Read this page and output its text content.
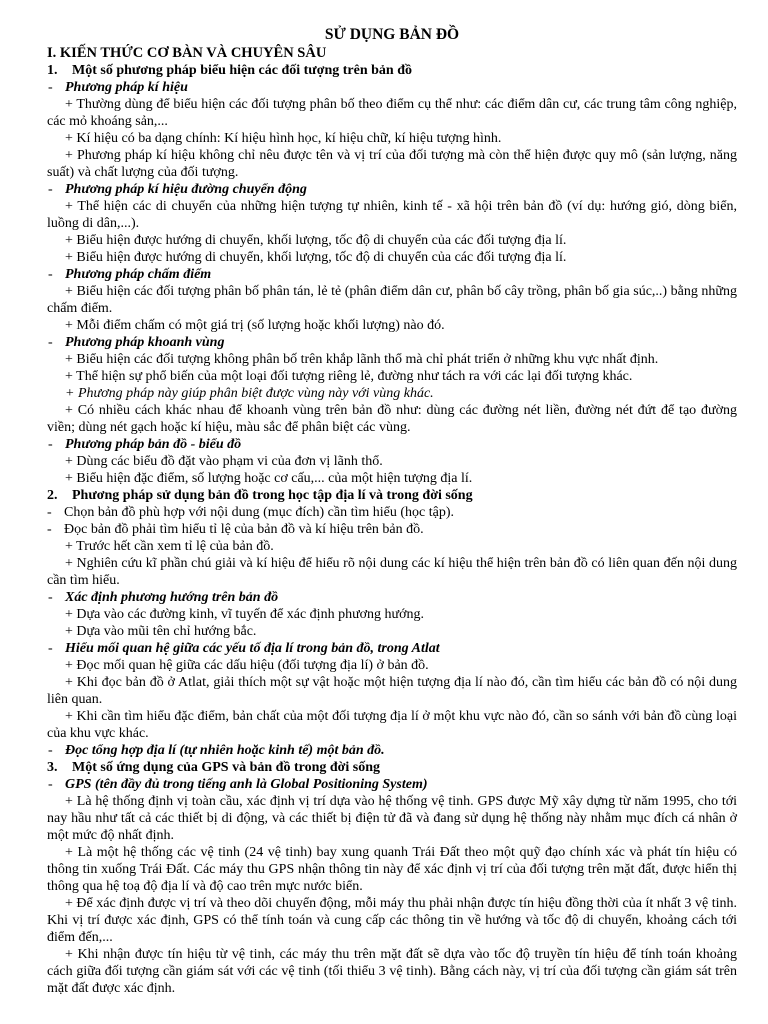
SỬ DỤNG BẢN ĐỒ
I. KIẾN THỨC CƠ BÀN VÀ CHUYÊN SÂU
1. Một số phương pháp biểu hiện các đối tượng trên bản đồ
- Phương pháp kí hiệu
+ Thường dùng để biểu hiện các đối tượng phân bố theo điểm cụ thể như: các điểm dân cư, các trung tâm công nghiệp, các mỏ khoáng sản,...
+ Kí hiệu có ba dạng chính: Kí hiệu hình học, kí hiệu chữ, kí hiệu tượng hình.
+ Phương pháp kí hiệu không chỉ nêu được tên và vị trí của đối tượng mà còn thể hiện được quy mô (sản lượng, năng suất) và chất lượng của đối tượng.
- Phương pháp kí hiệu đường chuyển động
+ Thể hiện các di chuyển của những hiện tượng tự nhiên, kinh tế - xã hội trên bản đồ (ví dụ: hướng gió, dòng biển, luồng di dân,...).
+ Biểu hiện được hướng di chuyển, khối lượng, tốc độ di chuyển của các đối tượng địa lí.
+ Biểu hiện được hướng di chuyển, khối lượng, tốc độ di chuyển của các đối tượng địa lí.
- Phương pháp chấm điểm
+ Biểu hiện các đối tượng phân bố phân tán, lẻ tẻ (phân điểm dân cư, phân bố cây trồng, phân bố gia súc,..) bằng những chấm điểm.
+ Mỗi điểm chấm có một giá trị (số lượng hoặc khối lượng) nào đó.
- Phương pháp khoanh vùng
+ Biểu hiện các đối tượng không phân bố trên khắp lãnh thổ mà chỉ phát triển ở những khu vực nhất định.
+ Thể hiện sự phổ biến của một loại đối tượng riêng lẻ, đường như tách ra với các lại đối tượng khác.
+ Phương pháp này giúp phân biệt được vùng này với vùng khác.
+ Có nhiều cách khác nhau để khoanh vùng trên bản đồ như: dùng các đường nét liền, đường nét đứt để tạo đường viền; dùng nét gạch hoặc kí hiệu, màu sắc để phân biệt các vùng.
- Phương pháp bản đồ - biểu đồ
+ Dùng các biểu đồ đặt vào phạm vi của đơn vị lãnh thổ.
+ Biểu hiện đặc điểm, số lượng hoặc cơ cấu,... của một hiện tượng địa lí.
2. Phương pháp sử dụng bản đồ trong học tập địa lí và trong đời sống
- Chọn bản đồ phù hợp với nội dung (mục đích) cần tìm hiểu (học tập).
- Đọc bản đồ phải tìm hiểu tỉ lệ của bản đồ và kí hiệu trên bản đồ.
+ Trước hết cần xem tỉ lệ của bản đồ.
+ Nghiên cứu kĩ phần chú giải và kí hiệu để hiểu rõ nội dung các kí hiệu thể hiện trên bản đồ có liên quan đến nội dung cần tìm hiểu.
- Xác định phương hướng trên bản đồ
+ Dựa vào các đường kinh, vĩ tuyến để xác định phương hướng.
+ Dựa vào mũi tên chỉ hướng bắc.
- Hiểu mối quan hệ giữa các yếu tố địa lí trong bản đồ, trong Atlat
+ Đọc mối quan hệ giữa các dấu hiệu (đối tượng địa lí) ở bản đồ.
+ Khi đọc bản đồ ở Atlat, giải thích một sự vật hoặc một hiện tượng địa lí nào đó, cần tìm hiểu các bản đồ có nội dung liên quan.
+ Khi cần tìm hiểu đặc điểm, bản chất của một đối tượng địa lí ở một khu vực nào đó, cần so sánh với bản đồ cùng loại của khu vực khác.
- Đọc tổng hợp địa lí (tự nhiên hoặc kinh tế) một bản đồ.
3. Một số ứng dụng của GPS và bản đồ trong đời sống
- GPS (tên đầy đủ trong tiếng anh là Global Positioning System)
+ Là hệ thống định vị toàn cầu, xác định vị trí dựa vào hệ thống vệ tinh. GPS được Mỹ xây dựng từ năm 1995, cho tới nay hầu như tất cả các thiết bị di động, và các thiết bị điện tử đã và đang sử dụng hệ thống này nhằm mục đích cá nhân ở một mức độ nhất định.
+ Là một hệ thống các vệ tinh (24 vệ tinh) bay xung quanh Trái Đất theo một quỹ đạo chính xác và phát tín hiệu có thông tin xuống Trái Đất. Các máy thu GPS nhận thông tin này để xác định vị trí của đối tượng trên mặt đất, được hiển thị thông qua hệ toạ độ địa lí và độ cao trên mực nước biển.
+ Để xác định được vị trí và theo dõi chuyển động, mỗi máy thu phải nhận được tín hiệu đồng thời của ít nhất 3 vệ tinh. Khi vị trí được xác định, GPS có thể tính toán và cung cấp các thông tin về hướng và tốc độ di chuyển, khoảng cách tới điểm đến,...
+ Khi nhận được tín hiệu từ vệ tinh, các máy thu trên mặt đất sẽ dựa vào tốc độ truyền tín hiệu để tính toán khoảng cách giữa đối tượng cần giám sát với các vệ tinh (tối thiểu 3 vệ tinh). Bằng cách này, vị trí của đối tượng cần giám sát trên mặt đất được xác định.
